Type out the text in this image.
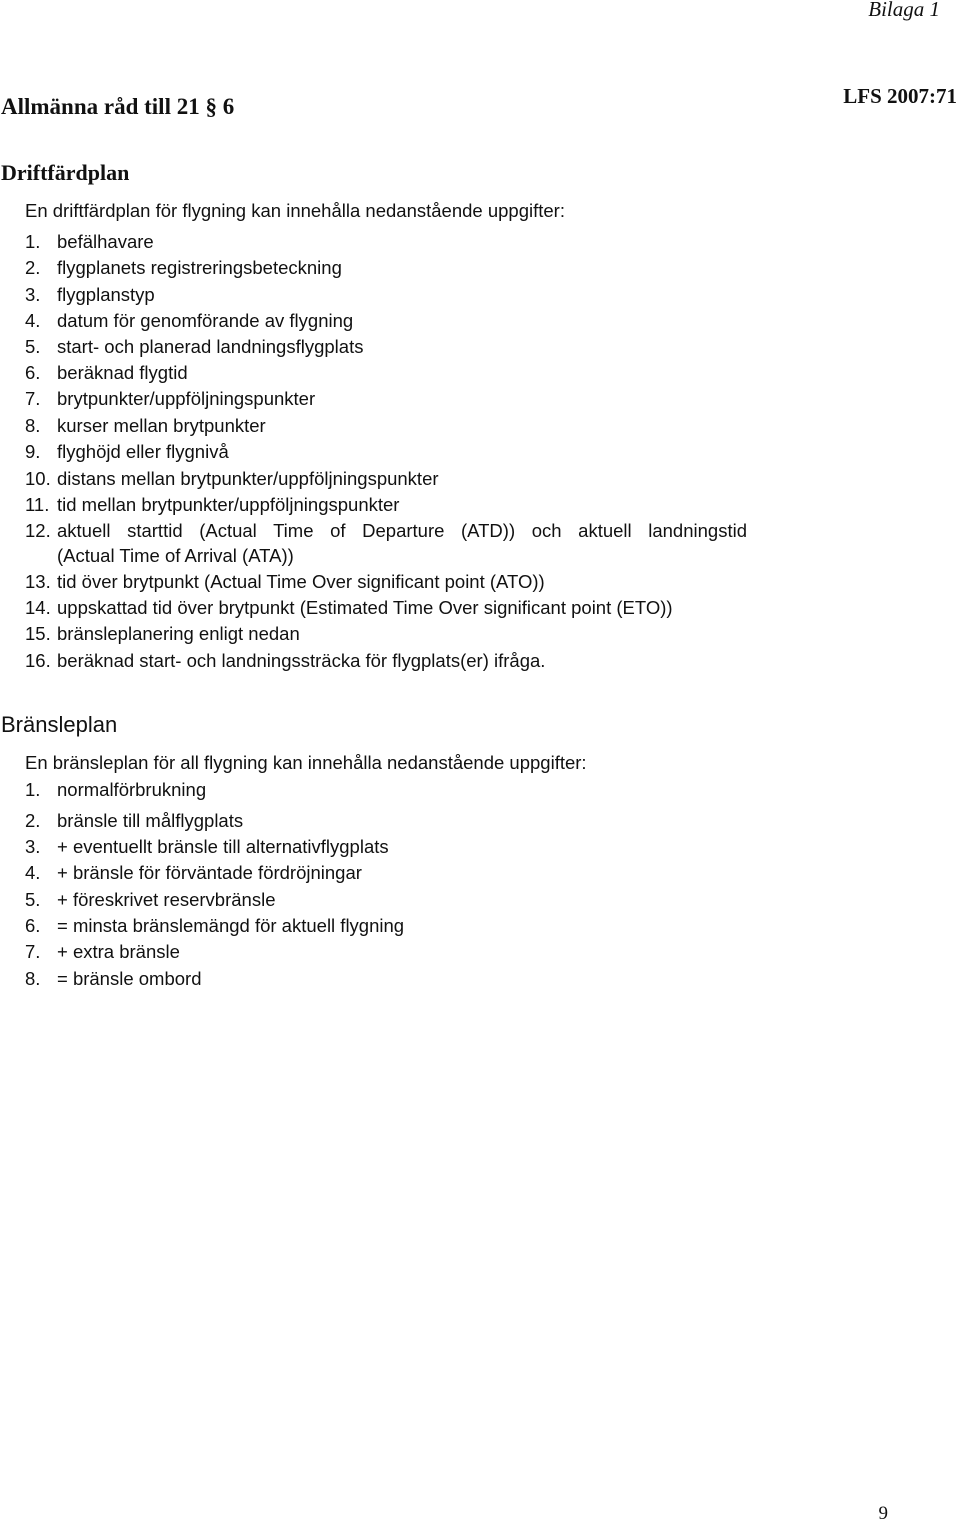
Bilaga 1
LFS 2007:71
Allmänna råd till 21 § 6
Driftfärdplan
En driftfärdplan för flygning kan innehålla nedanstående uppgifter:
1. befälhavare
2. flygplanets registreringsbeteckning
3. flygplanstyp
4. datum för genomförande av flygning
5. start- och planerad landningsflygplats
6. beräknad flygtid
7. brytpunkter/uppföljningspunkter
8. kurser mellan brytpunkter
9. flyghöjd eller flygnivå
10. distans mellan brytpunkter/uppföljningspunkter
11. tid mellan brytpunkter/uppföljningspunkter
12. aktuell starttid (Actual Time of Departure (ATD)) och aktuell landningstid
(Actual Time of Arrival (ATA))
13. tid över brytpunkt (Actual Time Over significant point (ATO))
14. uppskattad tid över brytpunkt (Estimated Time Over significant point (ETO))
15. bränsleplanering enligt nedan
16. beräknad start- och landningssträcka för flygplats(er) ifråga.
Bränsleplan
En bränsleplan för all flygning kan innehålla nedanstående uppgifter:
1. normalförbrukning
2. bränsle till målflygplats
3. + eventuellt bränsle till alternativflygplats
4. + bränsle för förväntade fördröjningar
5. + föreskrivet reservbränsle
6. = minsta bränslemängd för aktuell flygning
7. + extra bränsle
8. = bränsle ombord
9
